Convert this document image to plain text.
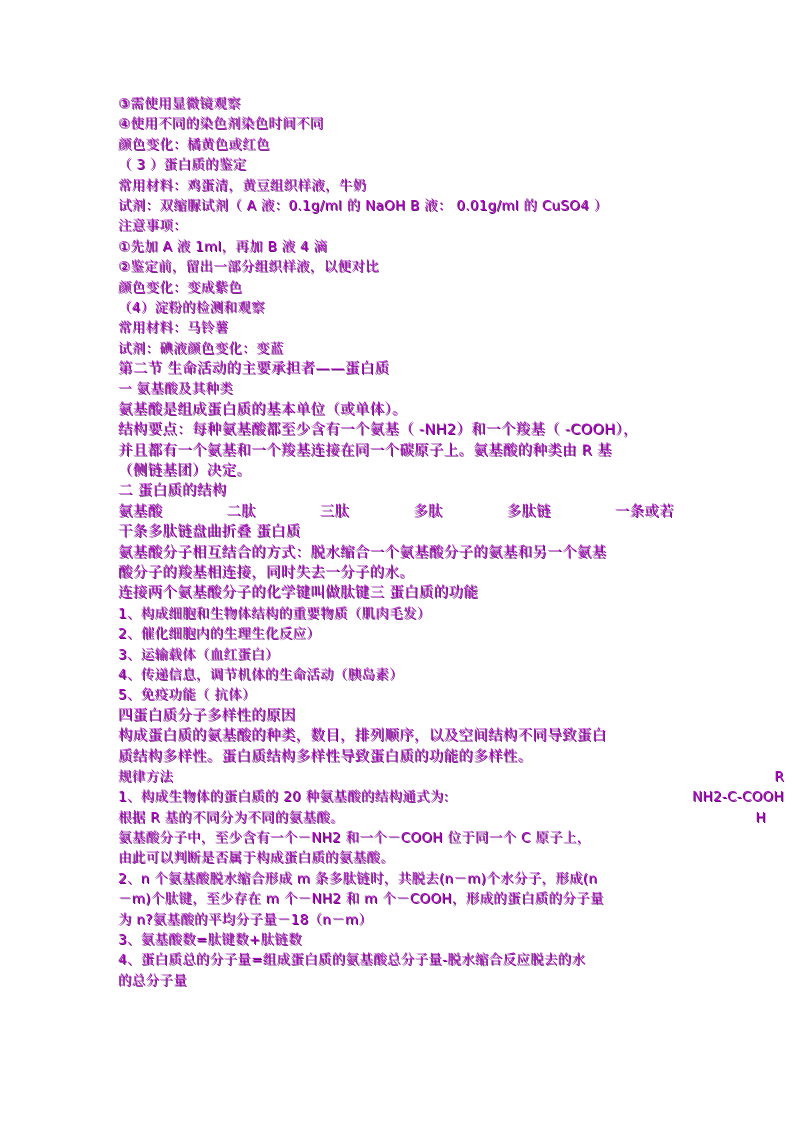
③需使用显微镜观察
④使用不同的染色剂染色时间不同
颜色变化：橘黄色或红色
（ 3 ）蛋白质的鉴定
常用材料：鸡蛋清，黄豆组织样液，牛奶
试剂：双缩脲试剂（ A 液：0.1g/ml 的 NaOH B 液： 0.01g/ml 的 CuSO4 ）
注意事项：
①先加 A 液 1ml，再加 B 液 4 滴
②鉴定前，留出一部分组织样液，以便对比
颜色变化：变成紫色
（4）淀粉的检测和观察
常用材料：马铃薯
试剂：碘液颜色变化：变蓝
第二节 生命活动的主要承担者——蛋白质
一 氨基酸及其种类
氨基酸是组成蛋白质的基本单位（或单体）。
结构要点：每种氨基酸都至少含有一个氨基（ -NH2）和一个羧基（ -COOH），
并且都有一个氨基和一个羧基连接在同一个碳原子上。氨基酸的种类由 R 基
（侧链基团）决定。
二 蛋白质的结构
氨基酸	二肽	三肽	多肽	多肽链	一条或若
干条多肽链盘曲折叠 蛋白质
氨基酸分子相互结合的方式：脱水缩合一个氨基酸分子的氨基和另一个氨基
酸分子的羧基相连接，同时失去一分子的水。
连接两个氨基酸分子的化学键叫做肽键三 蛋白质的功能
1、构成细胞和生物体结构的重要物质（肌肉毛发）
2、催化细胞内的生理生化反应）
3、运输载体（血红蛋白）
4、传递信息，调节机体的生命活动（胰岛素）
5、免疫功能（ 抗体）
四蛋白质分子多样性的原因
构成蛋白质的氨基酸的种类，数目，排列顺序，以及空间结构不同导致蛋白
质结构多样性。蛋白质结构多样性导致蛋白质的功能的多样性。
规律方法	R
1、构成生物体的蛋白质的 20 种氨基酸的结构通式为:	NH2-C-COOH
根据 R 基的不同分为不同的氨基酸。	H
氨基酸分子中，至少含有一个－NH2 和一个－COOH 位于同一个 C 原子上，
由此可以判断是否属于构成蛋白质的氨基酸。
2、n 个氨基酸脱水缩合形成 m 条多肽链时，共脱去(n－m)个水分子，形成(n
－m)个肽键，至少存在 m 个－NH2 和 m 个－COOH，形成的蛋白质的分子量
为 n?氨基酸的平均分子量－18（n－m）
3、氨基酸数=肽键数+肽链数
4、蛋白质总的分子量=组成蛋白质的氨基酸总分子量-脱水缩合反应脱去的水
的总分子量
